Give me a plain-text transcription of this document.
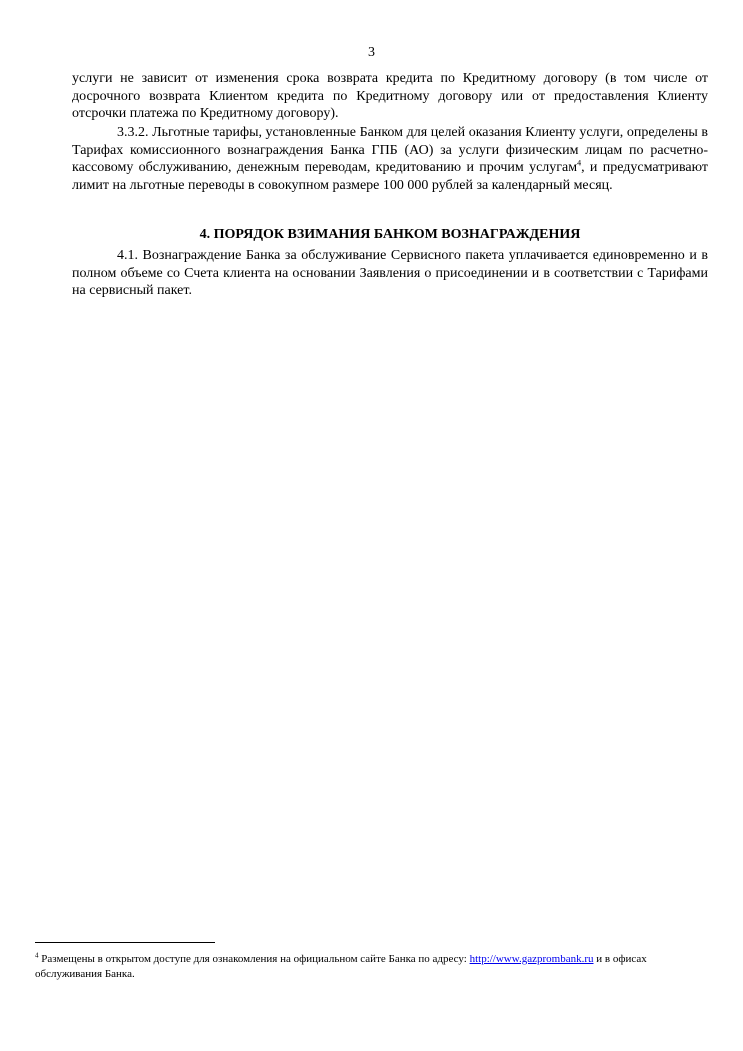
3

услуги не зависит от изменения срока возврата кредита по Кредитному договору (в том числе от досрочного возврата Клиентом кредита по Кредитному договору или от предоставления Клиенту отсрочки платежа по Кредитному договору).

3.3.2. Льготные тарифы, установленные Банком для целей оказания Клиенту услуги, определены в Тарифах комиссионного вознаграждения Банка ГПБ (АО) за услуги физическим лицам по расчетно-кассовому обслуживанию, денежным переводам, кредитованию и прочим услугам$^4$, и предусматривают лимит на льготные переводы в совокупном размере 100 000 рублей за календарный месяц.

4. ПОРЯДОК ВЗИМАНИЯ БАНКОМ ВОЗНАГРАЖДЕНИЯ

4.1. Вознаграждение Банка за обслуживание Сервисного пакета уплачивается единовременно и в полном объеме со Счета клиента на основании Заявления о присоединении и в соответствии с Тарифами на сервисный пакет.

$^4$ Размещены в открытом доступе для ознакомления на официальном сайте Банка по адресу: http://www.gazprombank.ru и в офисах обслуживания Банка.
